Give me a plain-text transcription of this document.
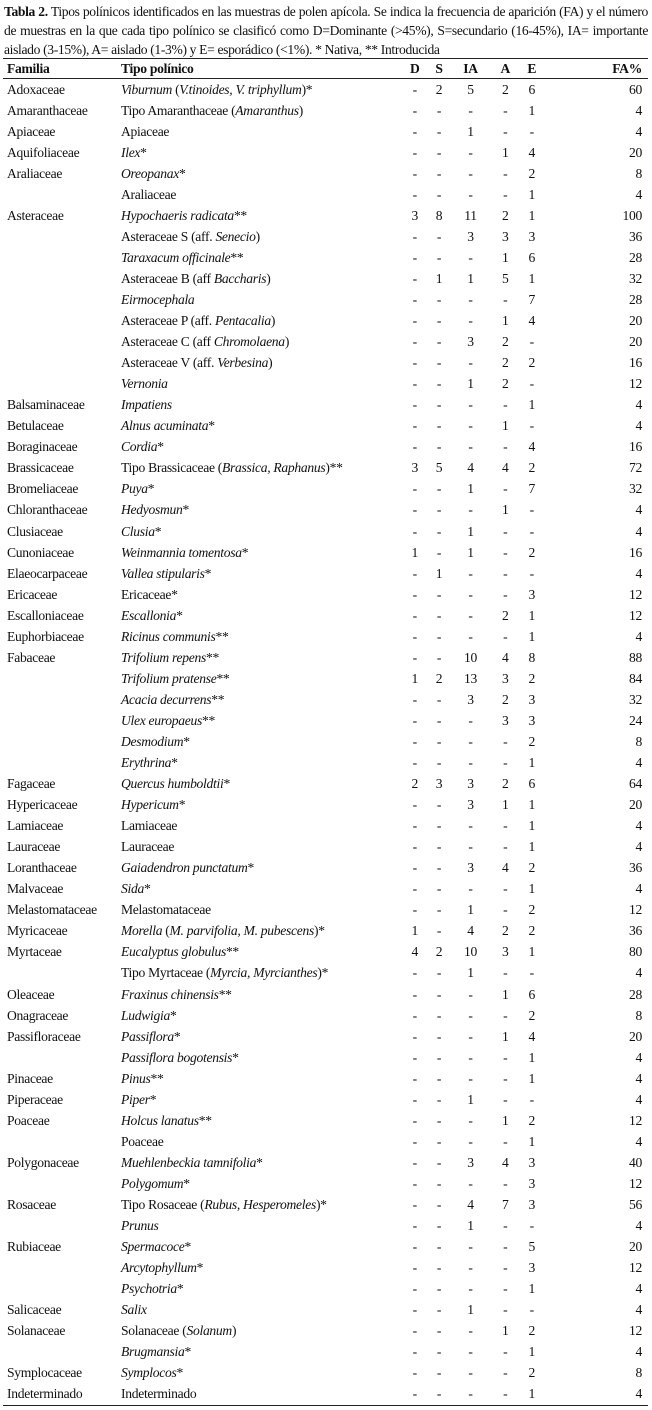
Tabla 2. Tipos polínicos identificados en las muestras de polen apícola. Se indica la frecuencia de aparición (FA) y el número de muestras en la que cada tipo polínico se clasificó como D=Dominante (>45%), S=secundario (16-45%), IA= importante aislado (3-15%), A= aislado (1-3%) y E= esporádico (<1%). * Nativa, ** Introducida
Familia	Tipo polínico	D	S	IA	A	E	FA%
Adoxaceae	Viburnum (V.tinoides, V. triphyllum)*	-	2	5	2	6	60
Amaranthaceae	Tipo Amaranthaceae (Amaranthus)	-	-	-	-	1	4
Apiaceae	Apiaceae	-	-	1	-	-	4
Aquifoliaceae	Ilex*	-	-	-	1	4	20
Araliaceae	Oreopanax*	-	-	-	-	2	8
	Araliaceae	-	-	-	-	1	4
Asteraceae	Hypochaeris radicata**	3	8	11	2	1	100
	Asteraceae S (aff. Senecio)	-	-	3	3	3	36
	Taraxacum officinale**	-	-	-	1	6	28
	Asteraceae B (aff Baccharis)	-	1	1	5	1	32
	Eirmocephala	-	-	-	-	7	28
	Asteraceae P (aff. Pentacalia)	-	-	-	1	4	20
	Asteraceae C (aff Chromolaena)	-	-	3	2	-	20
	Asteraceae V (aff. Verbesina)	-	-	-	2	2	16
	Vernonia	-	-	1	2	-	12
Balsaminaceae	Impatiens	-	-	-	-	1	4
Betulaceae	Alnus acuminata*	-	-	-	1	-	4
Boraginaceae	Cordia*	-	-	-	-	4	16
Brassicaceae	Tipo Brassicaceae (Brassica, Raphanus)**	3	5	4	4	2	72
Bromeliaceae	Puya*	-	-	1	-	7	32
Chloranthaceae	Hedyosmun*	-	-	-	1	-	4
Clusiaceae	Clusia*	-	-	1	-	-	4
Cunoniaceae	Weinmannia tomentosa*	1	-	1	-	2	16
Elaeocarpaceae	Vallea stipularis*	-	1	-	-	-	4
Ericaceae	Ericaceae*	-	-	-	-	3	12
Escalloniaceae	Escallonia*	-	-	-	2	1	12
Euphorbiaceae	Ricinus communis**	-	-	-	-	1	4
Fabaceae	Trifolium repens**	-	-	10	4	8	88
	Trifolium pratense**	1	2	13	3	2	84
	Acacia decurrens**	-	-	3	2	3	32
	Ulex europaeus**	-	-	-	3	3	24
	Desmodium*	-	-	-	-	2	8
	Erythrina*	-	-	-	-	1	4
Fagaceae	Quercus humboldtii*	2	3	3	2	6	64
Hypericaceae	Hypericum*	-	-	3	1	1	20
Lamiaceae	Lamiaceae	-	-	-	-	1	4
Lauraceae	Lauraceae	-	-	-	-	1	4
Loranthaceae	Gaiadendron punctatum*	-	-	3	4	2	36
Malvaceae	Sida*	-	-	-	-	1	4
Melastomataceae	Melastomataceae	-	-	1	-	2	12
Myricaceae	Morella (M. parvifolia, M. pubescens)*	1	-	4	2	2	36
Myrtaceae	Eucalyptus globulus**	4	2	10	3	1	80
	Tipo Myrtaceae (Myrcia, Myrcianthes)*	-	-	1	-	-	4
Oleaceae	Fraxinus chinensis**	-	-	-	1	6	28
Onagraceae	Ludwigia*	-	-	-	-	2	8
Passifloraceae	Passiflora*	-	-	-	1	4	20
	Passiflora bogotensis*	-	-	-	-	1	4
Pinaceae	Pinus**	-	-	-	-	1	4
Piperaceae	Piper*	-	-	1	-	-	4
Poaceae	Holcus lanatus**	-	-	-	1	2	12
	Poaceae	-	-	-	-	1	4
Polygonaceae	Muehlenbeckia tamnifolia*	-	-	3	4	3	40
	Polygomum*	-	-	-	-	3	12
Rosaceae	Tipo Rosaceae (Rubus, Hesperomeles)*	-	-	4	7	3	56
	Prunus	-	-	1	-	-	4
Rubiaceae	Spermacoce*	-	-	-	-	5	20
	Arcytophyllum*	-	-	-	-	3	12
	Psychotria*	-	-	-	-	1	4
Salicaceae	Salix	-	-	1	-	-	4
Solanaceae	Solanaceae (Solanum)	-	-	-	1	2	12
	Brugmansia*	-	-	-	-	1	4
Symplocaceae	Symplocos*	-	-	-	-	2	8
Indeterminado	Indeterminado	-	-	-	-	1	4
